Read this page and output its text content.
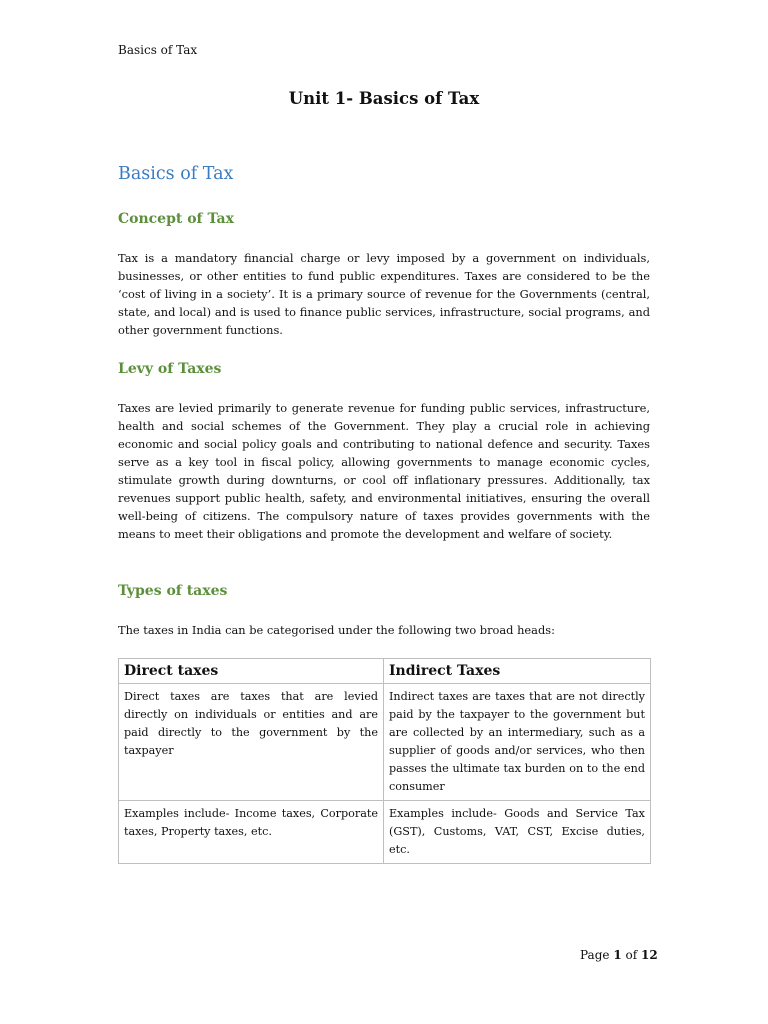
Basics of Tax
Unit 1- Basics of Tax
Basics of Tax
Concept of Tax

Tax is a mandatory financial charge or levy imposed by a government on individuals, businesses, or other entities to fund public expenditures. Taxes are considered to be the ‘cost of living in a society’. It is a primary source of revenue for the Governments (central, state, and local) and is used to finance public services, infrastructure, social programs, and other government functions.

Levy of Taxes

Taxes are levied primarily to generate revenue for funding public services, infrastructure, health and social schemes of the Government. They play a crucial role in achieving economic and social policy goals and contributing to national defence and security. Taxes serve as a key tool in fiscal policy, allowing governments to manage economic cycles, stimulate growth during downturns, or cool off inflationary pressures. Additionally, tax revenues support public health, safety, and environmental initiatives, ensuring the overall well-being of citizens. The compulsory nature of taxes provides governments with the means to meet their obligations and promote the development and welfare of society.

Types of taxes

The taxes in India can be categorised under the following two broad heads:

Direct taxes	Indirect Taxes
Direct taxes are taxes that are levied directly on individuals or entities and are paid directly to the government by the taxpayer	Indirect taxes are taxes that are not directly paid by the taxpayer to the government but are collected by an intermediary, such as a supplier of goods and/or services, who then passes the ultimate tax burden on to the end consumer
Examples include- Income taxes, Corporate taxes, Property taxes, etc.	Examples include- Goods and Service Tax (GST), Customs, VAT, CST, Excise duties, etc.
Page 1 of 12
